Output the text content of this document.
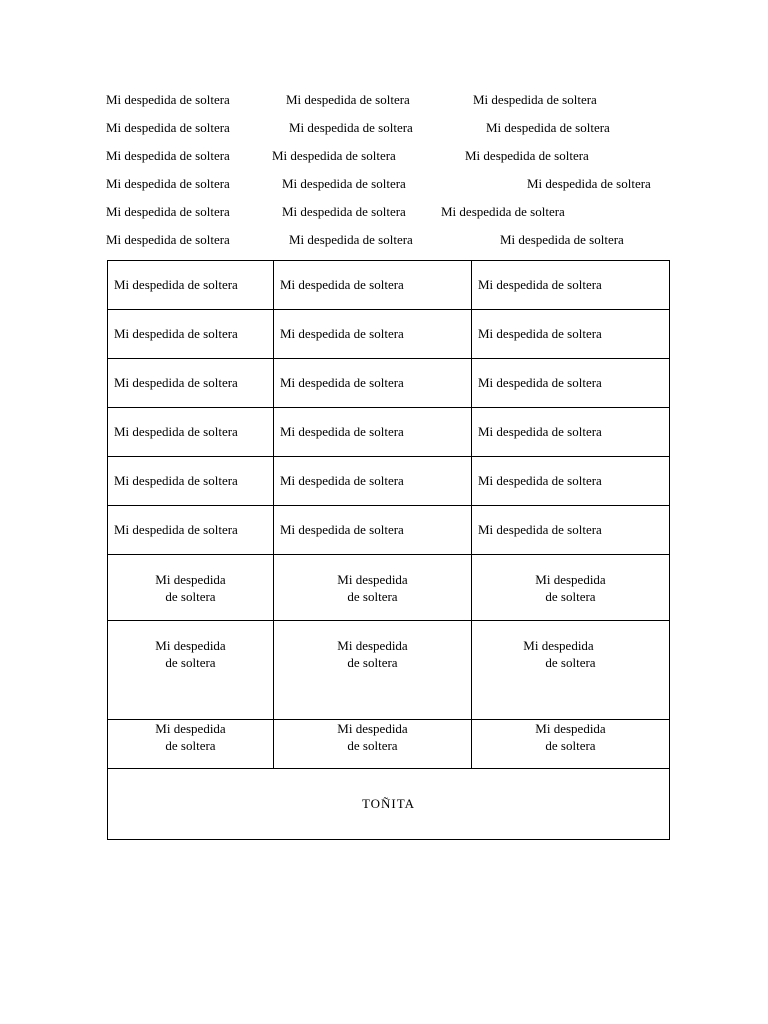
Mi despedida de soltera	Mi despedida de soltera	Mi despedida de soltera
Mi despedida de soltera	Mi despedida de soltera	Mi despedida de soltera
Mi despedida de soltera	Mi despedida de soltera	Mi despedida de soltera
Mi despedida de soltera	Mi despedida de soltera	Mi despedida de soltera
Mi despedida de soltera	Mi despedida de soltera	Mi despedida de soltera
Mi despedida de soltera	Mi despedida de soltera	Mi despedida de soltera
Mi despedida de soltera	Mi despedida de soltera	Mi despedida de soltera
Mi despedida de soltera	Mi despedida de soltera	Mi despedida de soltera
Mi despedida de soltera	Mi despedida de soltera	Mi despedida de soltera
Mi despedida de soltera	Mi despedida de soltera	Mi despedida de soltera
Mi despedida de soltera	Mi despedida de soltera	Mi despedida de soltera
Mi despedida de soltera	Mi despedida de soltera	Mi despedida de soltera

Mi despedida
de soltera	Mi despedida
de soltera	Mi despedida
de soltera

Mi despedida
de soltera	Mi despedida
de soltera	Mi despedida
de soltera

Mi despedida
de soltera	Mi despedida
de soltera	Mi despedida
de soltera

TOÑITA		
